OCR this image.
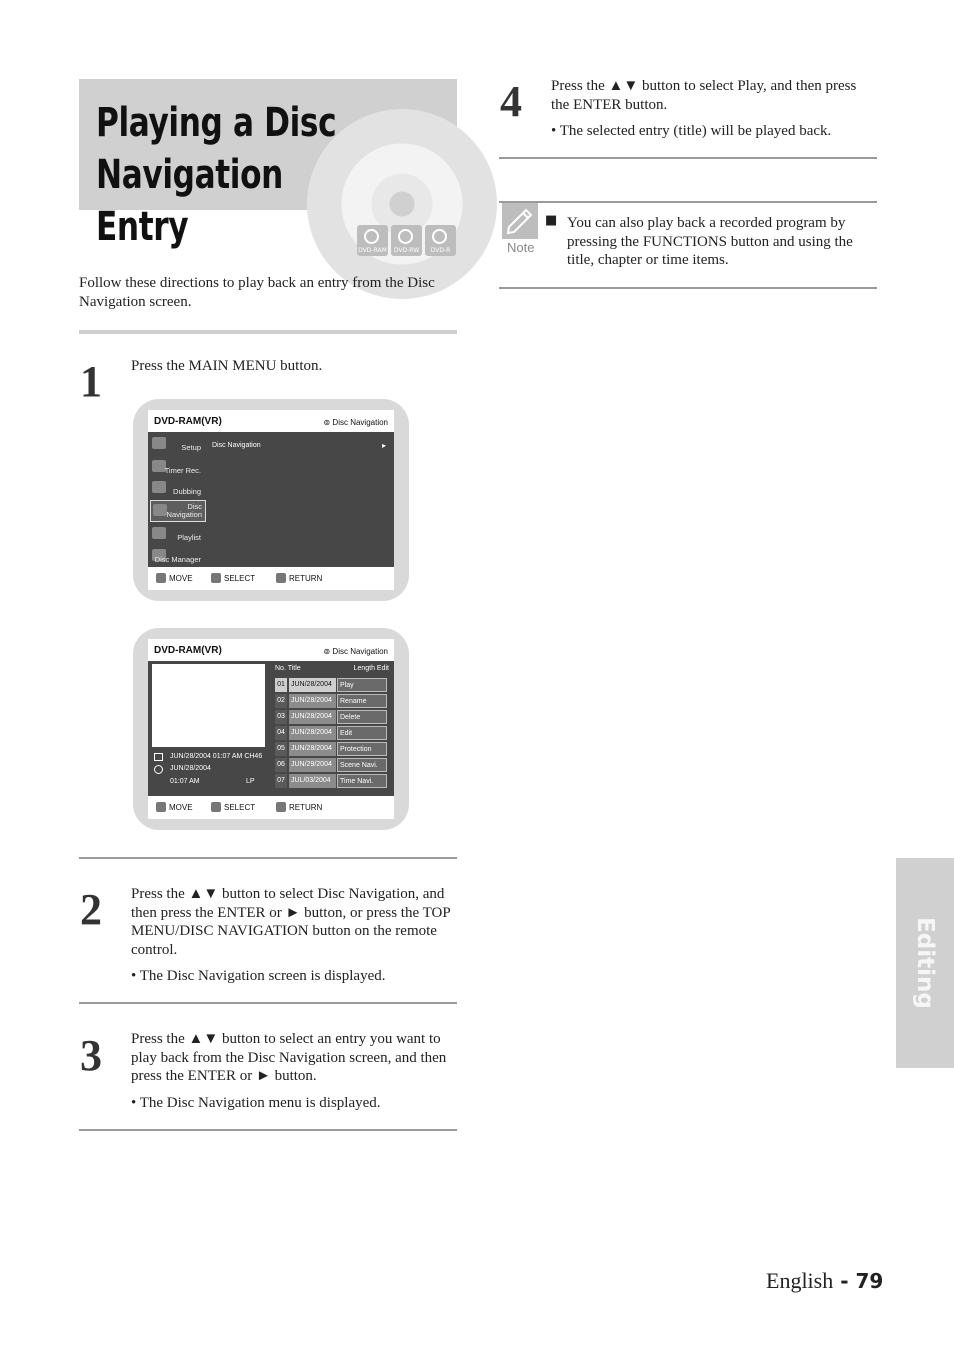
Playing a Disc Navigation
Entry
DVD-RAM	DVD-RW	DVD-R
Follow these directions to play back an entry from the Disc Navigation screen.
1 Press the MAIN MENU button.
DVD-RAM(VR)	⊚ Disc Navigation
Disc Navigation	▸
Setup
Timer Rec.
Dubbing
Disc Navigation
Playlist
Disc Manager
MOVE	SELECT	RETURN
DVD-RAM(VR)	⊚ Disc Navigation
JUN/28/2004 01:07 AM CH46
JUN/28/2004
01:07 AM	LP
No. Title	Length Edit
01 JUN/28/2004	Play
02 JUN/28/2004	Rename
03 JUN/28/2004	Delete
04 JUN/28/2004	Edit
05 JUN/28/2004	Protection
06 JUN/29/2004	Scene Navi.
07 JUL/03/2004	Time Navi.
MOVE	SELECT	RETURN
2 Press the ▲▼ button to select Disc Navigation, and then press the ENTER or ► button, or press the TOP MENU/DISC NAVIGATION button on the remote control.
• The Disc Navigation screen is displayed.
3 Press the ▲▼ button to select an entry you want to play back from the Disc Navigation screen, and then press the ENTER or ► button.
• The Disc Navigation menu is displayed.
4 Press the ▲▼ button to select Play, and then press the ENTER button.
• The selected entry (title) will be played back.
Note
■ You can also play back a recorded program by pressing the FUNCTIONS button and using the title, chapter or time items.
Editing
English - 79
